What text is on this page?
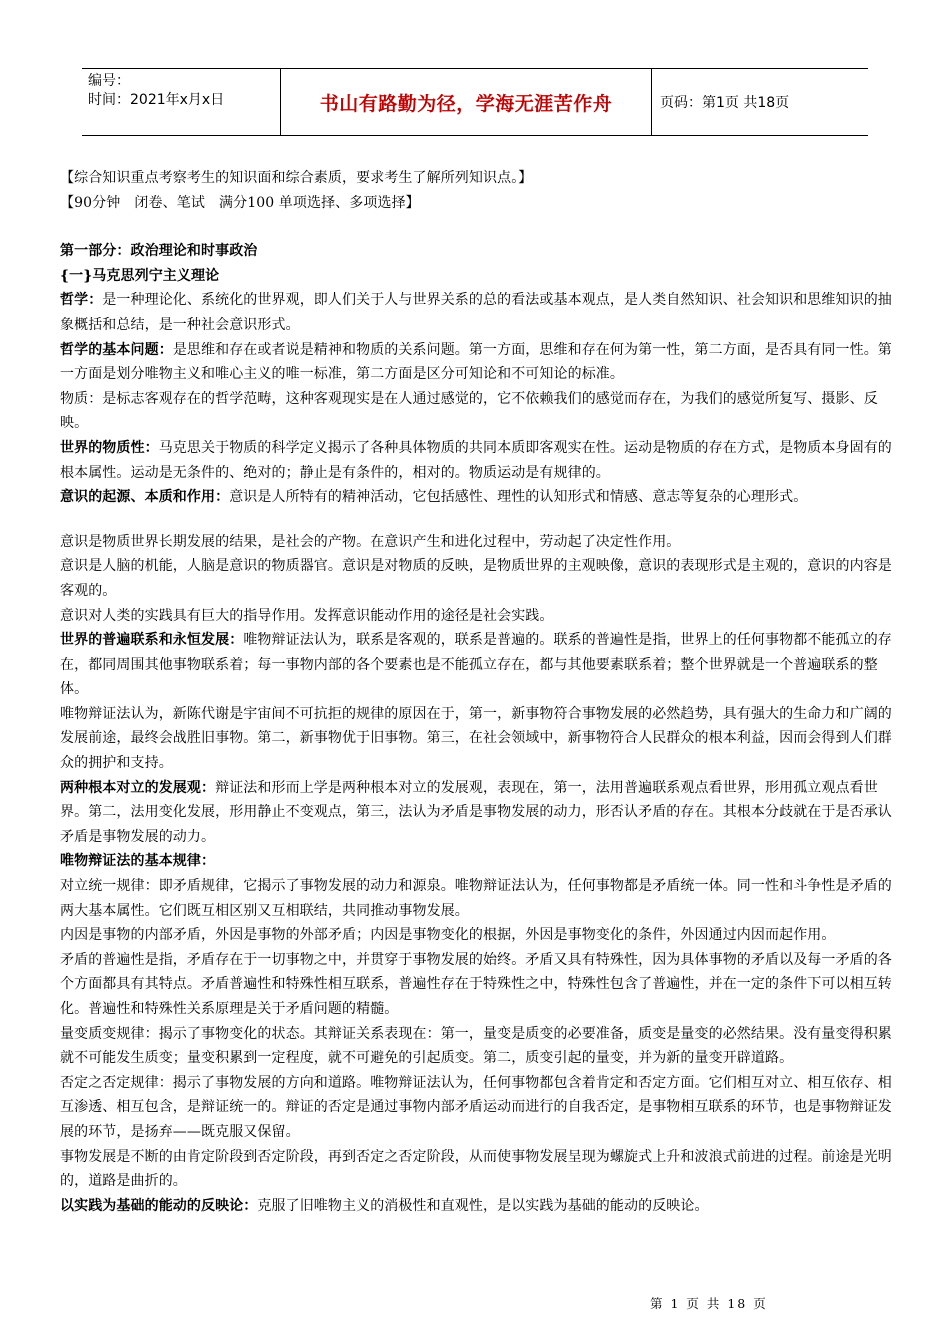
编号：
时间：2021年x月x日	书山有路勤为径，学海无涯苦作舟	页码：第1页 共18页

【综合知识重点考察考生的知识面和综合素质，要求考生了解所列知识点。】

【90分钟　闭卷、笔试　满分100 单项选择、多项选择】

第一部分：政治理论和时事政治

{一}马克思列宁主义理论

哲学：是一种理论化、系统化的世界观，即人们关于人与世界关系的总的看法或基本观点，是人类自然知识、社会知识和思维知识的抽象概括和总结，是一种社会意识形式。

哲学的基本问题：是思维和存在或者说是精神和物质的关系问题。第一方面，思维和存在何为第一性，第二方面，是否具有同一性。第一方面是划分唯物主义和唯心主义的唯一标准，第二方面是区分可知论和不可知论的标准。

物质：是标志客观存在的哲学范畴，这种客观现实是在人通过感觉的，它不依赖我们的感觉而存在，为我们的感觉所复写、摄影、反映。

世界的物质性：马克思关于物质的科学定义揭示了各种具体物质的共同本质即客观实在性。运动是物质的存在方式，是物质本身固有的根本属性。运动是无条件的、绝对的；静止是有条件的，相对的。物质运动是有规律的。

意识的起源、本质和作用：意识是人所特有的精神活动，它包括感性、理性的认知形式和情感、意志等复杂的心理形式。

意识是物质世界长期发展的结果，是社会的产物。在意识产生和进化过程中，劳动起了决定性作用。

意识是人脑的机能，人脑是意识的物质器官。意识是对物质的反映，是物质世界的主观映像，意识的表现形式是主观的，意识的内容是客观的。

意识对人类的实践具有巨大的指导作用。发挥意识能动作用的途径是社会实践。

世界的普遍联系和永恒发展：唯物辩证法认为，联系是客观的，联系是普遍的。联系的普遍性是指，世界上的任何事物都不能孤立的存在，都同周围其他事物联系着；每一事物内部的各个要素也是不能孤立存在，都与其他要素联系着；整个世界就是一个普遍联系的整体。

唯物辩证法认为，新陈代谢是宇宙间不可抗拒的规律的原因在于，第一，新事物符合事物发展的必然趋势，具有强大的生命力和广阔的发展前途，最终会战胜旧事物。第二，新事物优于旧事物。第三，在社会领域中，新事物符合人民群众的根本利益，因而会得到人们群众的拥护和支持。

两种根本对立的发展观：辩证法和形而上学是两种根本对立的发展观，表现在，第一，法用普遍联系观点看世界，形用孤立观点看世界。第二，法用变化发展，形用静止不变观点，第三，法认为矛盾是事物发展的动力，形否认矛盾的存在。其根本分歧就在于是否承认矛盾是事物发展的动力。

唯物辩证法的基本规律：

对立统一规律：即矛盾规律，它揭示了事物发展的动力和源泉。唯物辩证法认为，任何事物都是矛盾统一体。同一性和斗争性是矛盾的两大基本属性。它们既互相区别又互相联结，共同推动事物发展。

内因是事物的内部矛盾，外因是事物的外部矛盾；内因是事物变化的根据，外因是事物变化的条件，外因通过内因而起作用。

矛盾的普遍性是指，矛盾存在于一切事物之中，并贯穿于事物发展的始终。矛盾又具有特殊性，因为具体事物的矛盾以及每一矛盾的各个方面都具有其特点。矛盾普遍性和特殊性相互联系，普遍性存在于特殊性之中，特殊性包含了普遍性，并在一定的条件下可以相互转化。普遍性和特殊性关系原理是关于矛盾问题的精髓。

量变质变规律：揭示了事物变化的状态。其辩证关系表现在：第一，量变是质变的必要准备，质变是量变的必然结果。没有量变得积累就不可能发生质变；量变积累到一定程度，就不可避免的引起质变。第二，质变引起的量变，并为新的量变开辟道路。

否定之否定规律：揭示了事物发展的方向和道路。唯物辩证法认为，任何事物都包含着肯定和否定方面。它们相互对立、相互依存、相互渗透、相互包含，是辩证统一的。辩证的否定是通过事物内部矛盾运动而进行的自我否定，是事物相互联系的环节，也是事物辩证发展的环节，是扬弃——既克服又保留。

事物发展是不断的由肯定阶段到否定阶段，再到否定之否定阶段，从而使事物发展呈现为螺旋式上升和波浪式前进的过程。前途是光明的，道路是曲折的。

以实践为基础的能动的反映论：克服了旧唯物主义的消极性和直观性，是以实践为基础的能动的反映论。

第 1 页 共 18 页
